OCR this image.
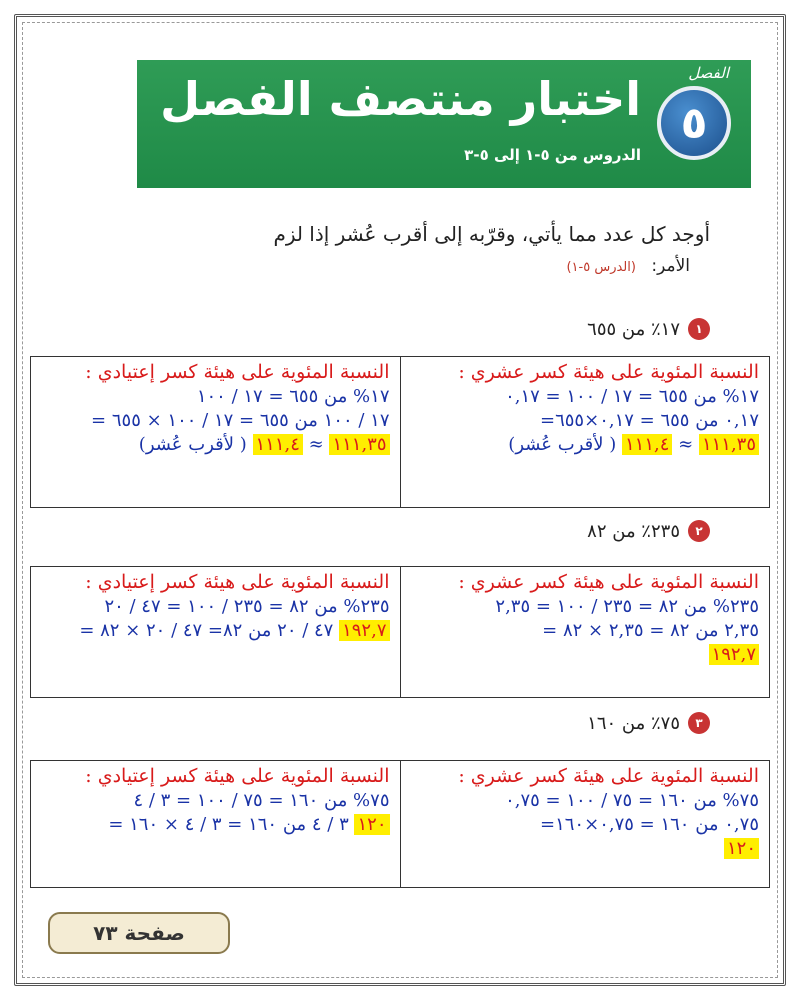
الفصل
٥
اختبار منتصف الفصل
الدروس من ٥-١ إلى ٥-٣
أوجد كل عدد مما يأتي، وقرّبه إلى أقرب عُشر إذا لزم
الأمر: (الدرس ٥-١)
١
١٧٪ من ٦٥٥
النسبة المئوية على هيئة كسر إعتيادي :
١٧% من ٦٥٥ = ١٧ / ١٠٠
١٧ / ١٠٠ من ٦٥٥ = ١٧ / ١٠٠ × ٦٥٥ =
١١١,٣٥ ≈ ١١١,٤ ( لأقرب عُشر)
النسبة المئوية على هيئة كسر عشري :
١٧% من ٦٥٥ = ١٧ / ١٠٠ = ٠,١٧
٠,١٧ من ٦٥٥ = ٠,١٧×٦٥٥=
١١١,٣٥ ≈ ١١١,٤ ( لأقرب عُشر)
٢
٢٣٥٪ من ٨٢
النسبة المئوية على هيئة كسر إعتيادي :
٢٣٥% من ٨٢ = ٢٣٥ / ١٠٠ = ٤٧ / ٢٠
١٩٢,٧ ٤٧ / ٢٠ من ٨٢= ٤٧ / ٢٠ × ٨٢ =
النسبة المئوية على هيئة كسر عشري :
٢٣٥% من ٨٢ = ٢٣٥ / ١٠٠ = ٢,٣٥
٢,٣٥ من ٨٢ = ٢,٣٥ × ٨٢ =
١٩٢,٧
٣
٧٥٪ من ١٦٠
النسبة المئوية على هيئة كسر إعتيادي :
٧٥% من ١٦٠ = ٧٥ / ١٠٠ = ٣ / ٤
١٢٠ ٣ / ٤ من ١٦٠ = ٣ / ٤ × ١٦٠ =
النسبة المئوية على هيئة كسر عشري :
٧٥% من ١٦٠ = ٧٥ / ١٠٠ = ٠,٧٥
٠,٧٥ من ١٦٠ = ٠,٧٥×١٦٠=
١٢٠
صفحة ٧٣
